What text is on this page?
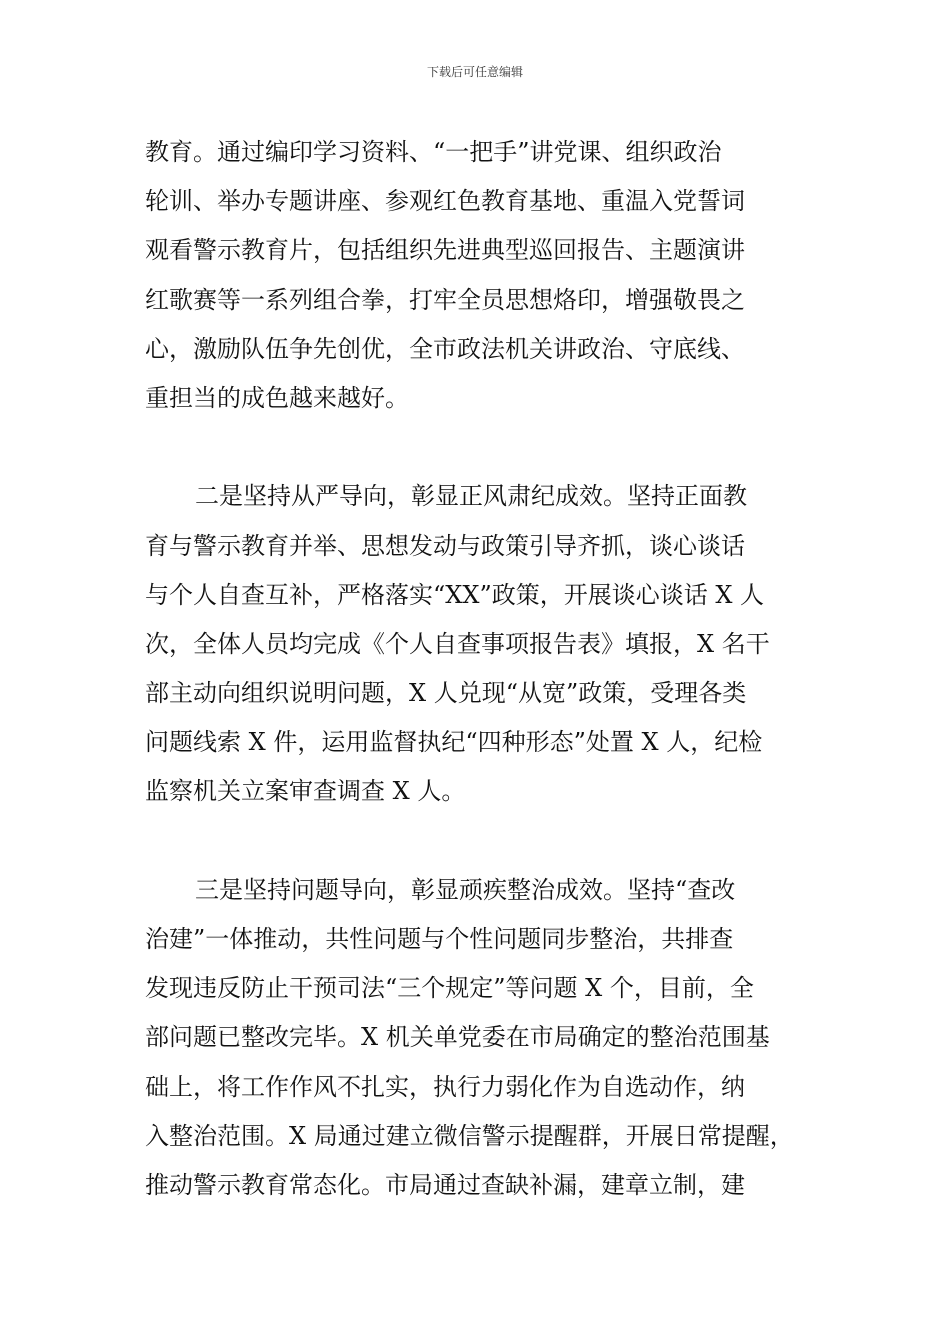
下载后可任意编辑
教育。通过编印学习资料、“一把手”讲党课、组织政治
轮训、举办专题讲座、参观红色教育基地、重温入党誓词
观看警示教育片，包括组织先进典型巡回报告、主题演讲
红歌赛等一系列组合拳，打牢全员思想烙印，增强敬畏之
心，激励队伍争先创优，全市政法机关讲政治、守底线、
重担当的成色越来越好。
二是坚持从严导向，彰显正风肃纪成效。坚持正面教
育与警示教育并举、思想发动与政策引导齐抓，谈心谈话
与个人自查互补，严格落实“XX”政策，开展谈心谈话 X 人
次，全体人员均完成《个人自查事项报告表》填报，X 名干
部主动向组织说明问题，X 人兑现“从宽”政策，受理各类
问题线索 X 件，运用监督执纪“四种形态”处置 X 人，纪检
监察机关立案审查调查 X 人。
三是坚持问题导向，彰显顽疾整治成效。坚持“查改
治建”一体推动，共性问题与个性问题同步整治，共排查
发现违反防止干预司法“三个规定”等问题 X 个，目前，全
部问题已整改完毕。X 机关单党委在市局确定的整治范围基
础上，将工作作风不扎实，执行力弱化作为自选动作，纳
入整治范围。X 局通过建立微信警示提醒群，开展日常提醒，
推动警示教育常态化。市局通过查缺补漏，建章立制，建
